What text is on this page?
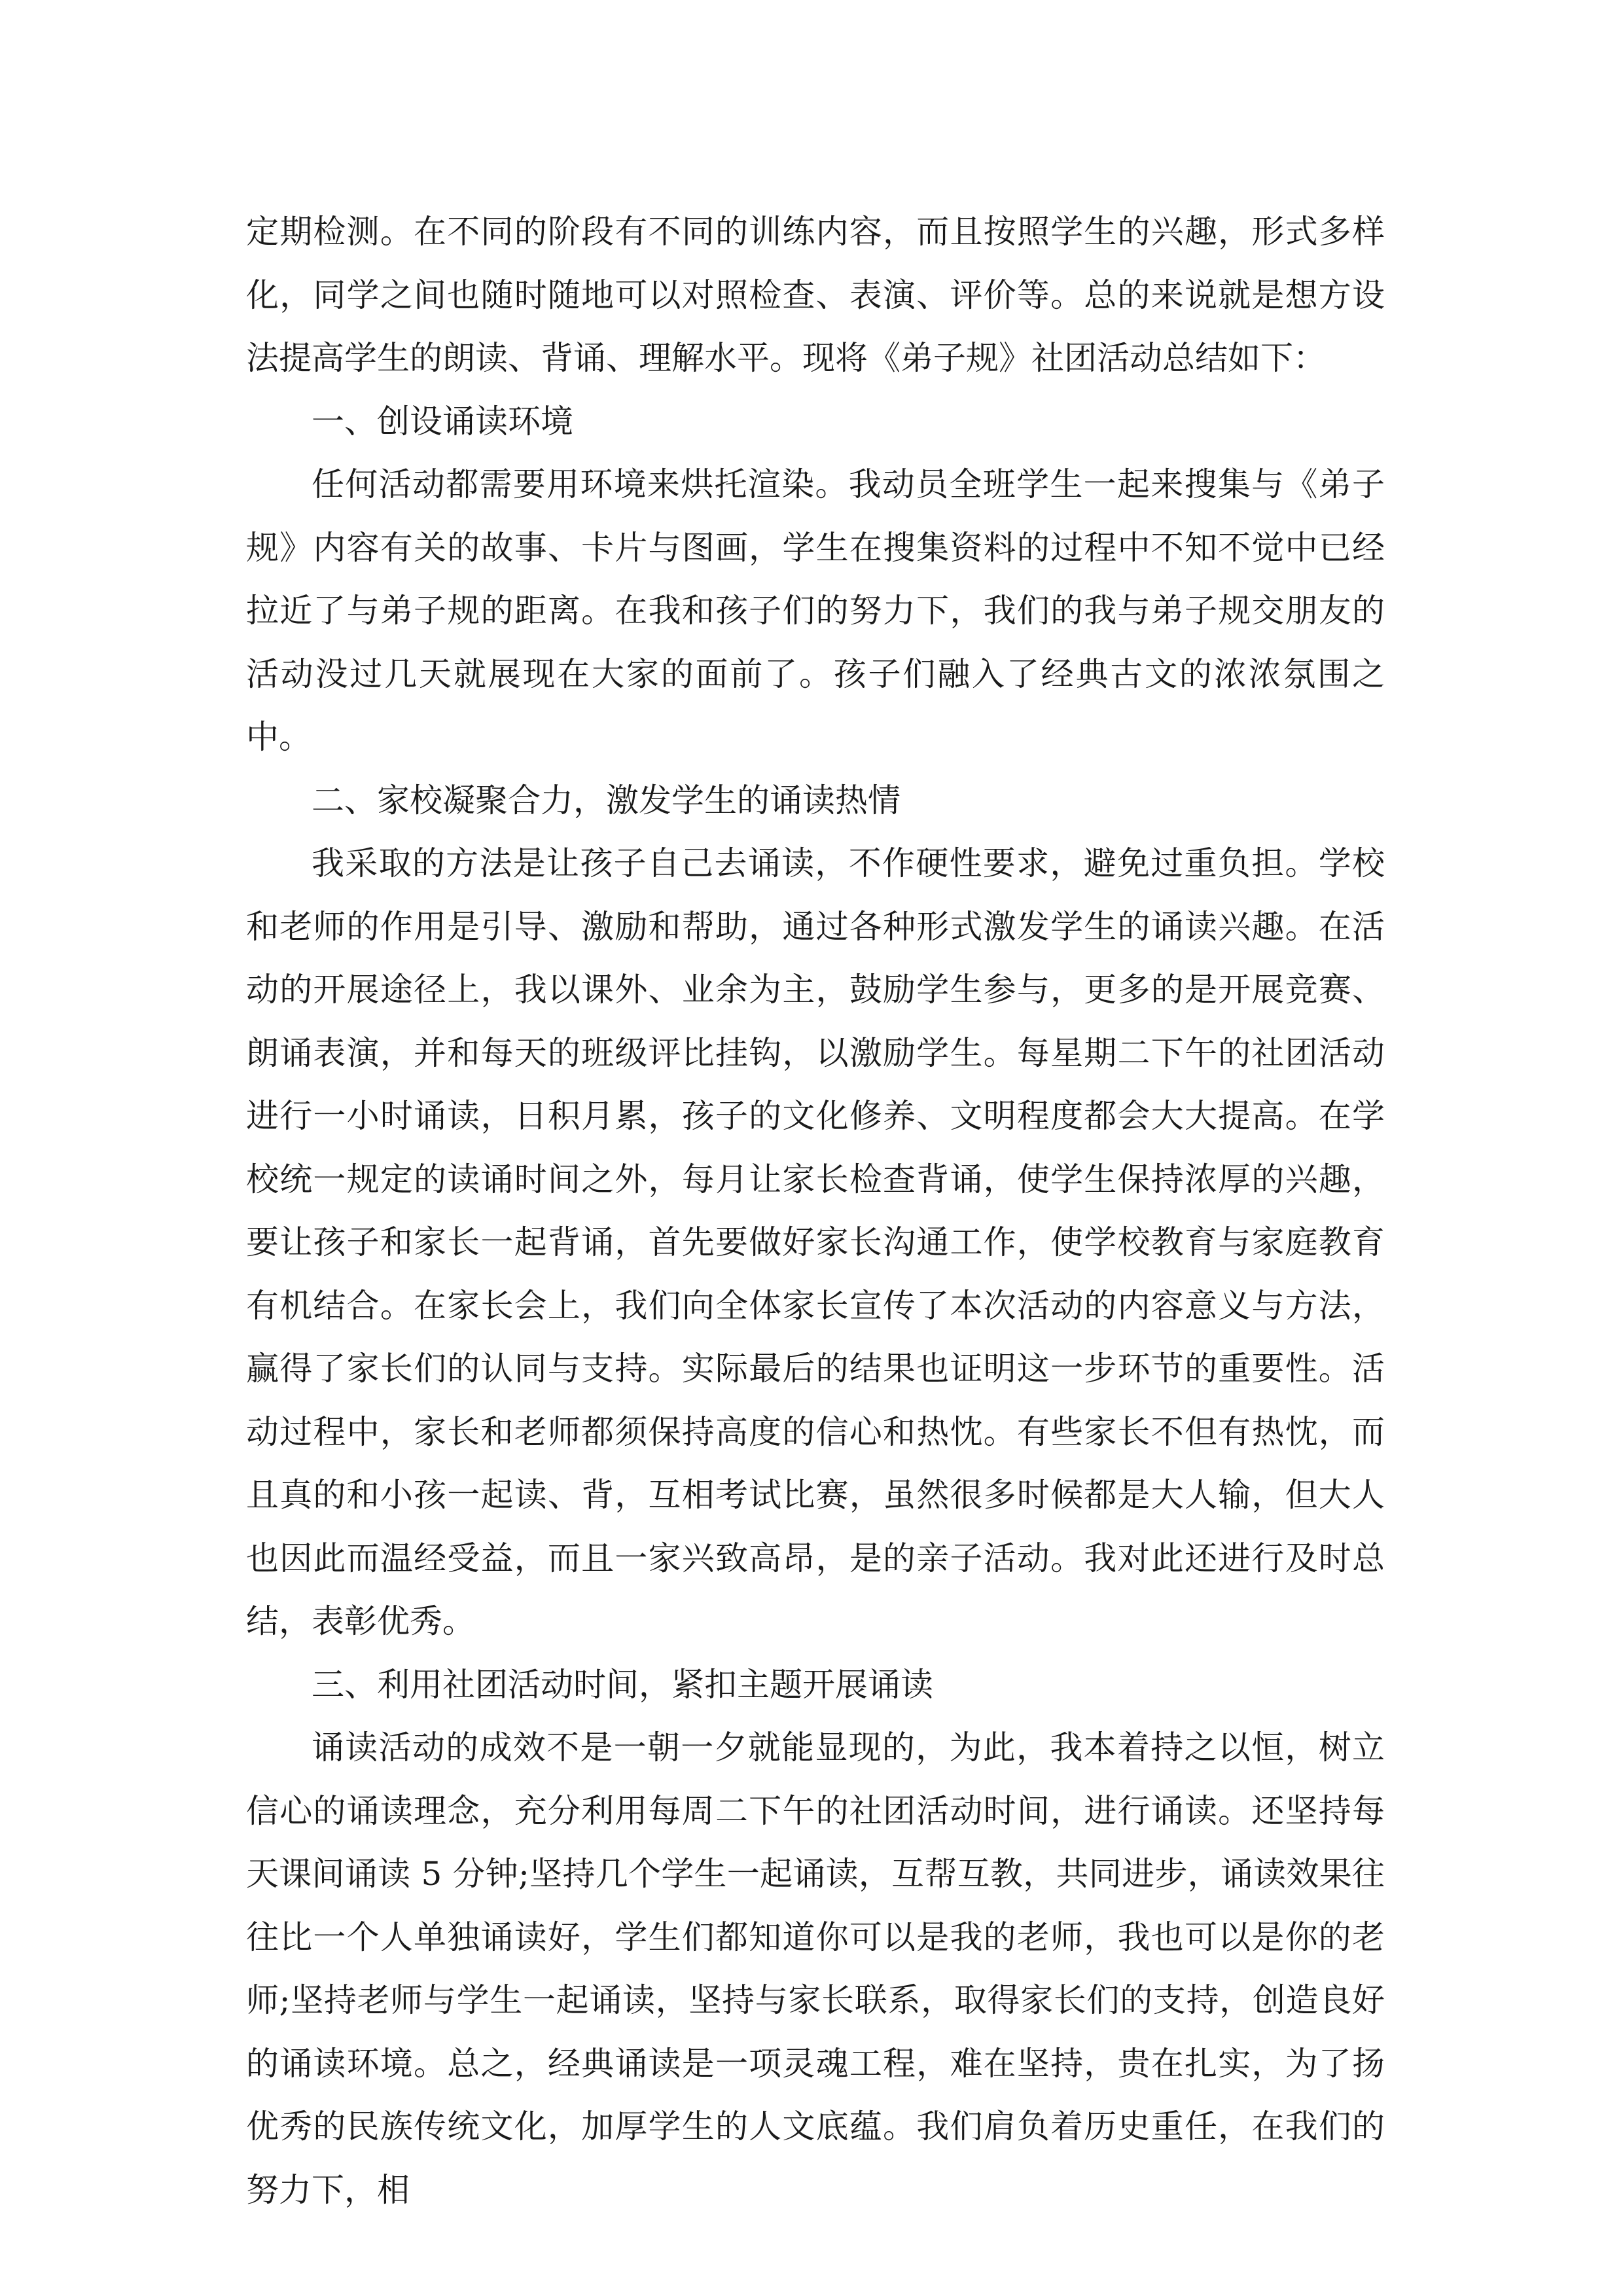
定期检测。在不同的阶段有不同的训练内容，而且按照学生的兴趣，形式多样化，同学之间也随时随地可以对照检查、表演、评价等。总的来说就是想方设法提高学生的朗读、背诵、理解水平。现将《弟子规》社团活动总结如下：

一、创设诵读环境

任何活动都需要用环境来烘托渲染。我动员全班学生一起来搜集与《弟子规》内容有关的故事、卡片与图画，学生在搜集资料的过程中不知不觉中已经拉近了与弟子规的距离。在我和孩子们的努力下，我们的我与弟子规交朋友的活动没过几天就展现在大家的面前了。孩子们融入了经典古文的浓浓氛围之中。

二、家校凝聚合力，激发学生的诵读热情

我采取的方法是让孩子自己去诵读，不作硬性要求，避免过重负担。学校和老师的作用是引导、激励和帮助，通过各种形式激发学生的诵读兴趣。在活动的开展途径上，我以课外、业余为主，鼓励学生参与，更多的是开展竞赛、朗诵表演，并和每天的班级评比挂钩，以激励学生。每星期二下午的社团活动进行一小时诵读，日积月累，孩子的文化修养、文明程度都会大大提高。在学校统一规定的读诵时间之外，每月让家长检查背诵，使学生保持浓厚的兴趣，要让孩子和家长一起背诵，首先要做好家长沟通工作，使学校教育与家庭教育有机结合。在家长会上，我们向全体家长宣传了本次活动的内容意义与方法，赢得了家长们的认同与支持。实际最后的结果也证明这一步环节的重要性。活动过程中，家长和老师都须保持高度的信心和热忱。有些家长不但有热忱，而且真的和小孩一起读、背，互相考试比赛，虽然很多时候都是大人输，但大人也因此而温经受益，而且一家兴致高昂，是的亲子活动。我对此还进行及时总结，表彰优秀。

三、利用社团活动时间，紧扣主题开展诵读

诵读活动的成效不是一朝一夕就能显现的，为此，我本着持之以恒，树立信心的诵读理念，充分利用每周二下午的社团活动时间，进行诵读。还坚持每天课间诵读 5 分钟;坚持几个学生一起诵读，互帮互教，共同进步，诵读效果往往比一个人单独诵读好，学生们都知道你可以是我的老师，我也可以是你的老师;坚持老师与学生一起诵读，坚持与家长联系，取得家长们的支持，创造良好的诵读环境。总之，经典诵读是一项灵魂工程，难在坚持，贵在扎实，为了扬优秀的民族传统文化，加厚学生的人文底蕴。我们肩负着历史重任，在我们的努力下，相
